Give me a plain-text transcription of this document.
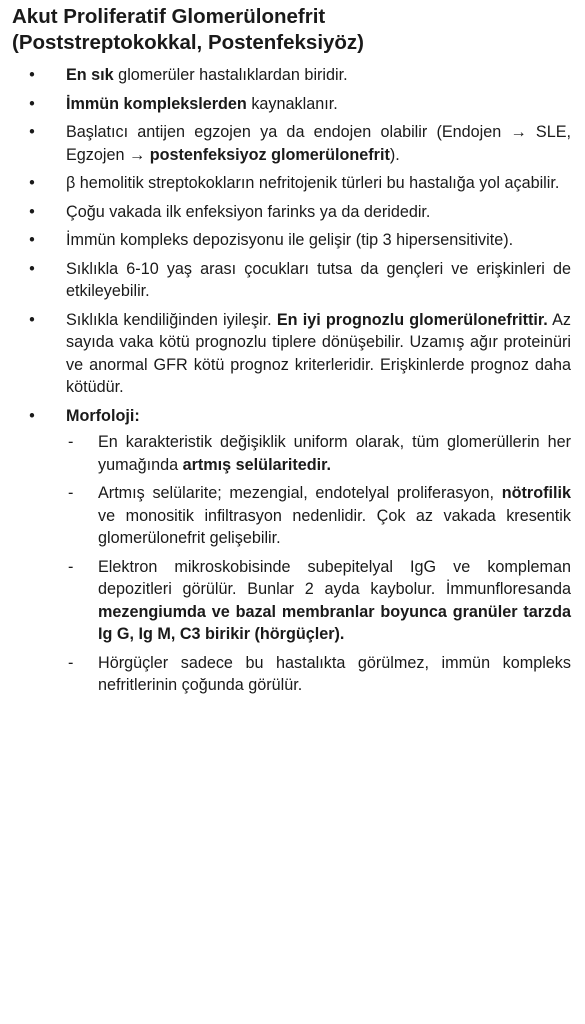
Akut Proliferatif Glomerülonefrit
(Poststreptokokkal, Postenfeksiyöz)
• En sık glomerüler hastalıklardan biridir.
• İmmün komplekslerden kaynaklanır.
• Başlatıcı antijen egzojen ya da endojen olabilir (Endojen → SLE, Egzojen → postenfeksiyoz glomerülonefrit).
• β hemolitik streptokokların nefritojenik türleri bu hastalığa yol açabilir.
• Çoğu vakada ilk enfeksiyon farinks ya da deridedir.
• İmmün kompleks depozisyonu ile gelişir (tip 3 hipersensitivite).
• Sıklıkla 6-10 yaş arası çocukları tutsa da gençleri ve erişkinleri de etkileyebilir.
• Sıklıkla kendiliğinden iyileşir. En iyi prognozlu glomerülonefrittir. Az sayıda vaka kötü prognozlu tiplere dönüşebilir. Uzamış ağır proteinüri ve anormal GFR kötü prognoz kriterleridir. Erişkinlerde prognoz daha kötüdür.
• Morfoloji:
- En karakteristik değişiklik uniform olarak, tüm glomerüllerin her yumağında artmış selülaritedir.
- Artmış selülarite; mezengial, endotelyal proliferasyon, nötrofilik ve monositik infiltrasyon nedenlidir. Çok az vakada kresentik glomerülonefrit gelişebilir.
- Elektron mikroskobisinde subepitelyal IgG ve kompleman depozitleri görülür. Bunlar 2 ayda kaybolur. İmmunfloresanda mezengiumda ve bazal membranlar boyunca granüler tarzda Ig G, Ig M, C3 birikir (hörgüçler).
- Hörgüçler sadece bu hastalıkta görülmez, immün kompleks nefritlerinin çoğunda görülür.
